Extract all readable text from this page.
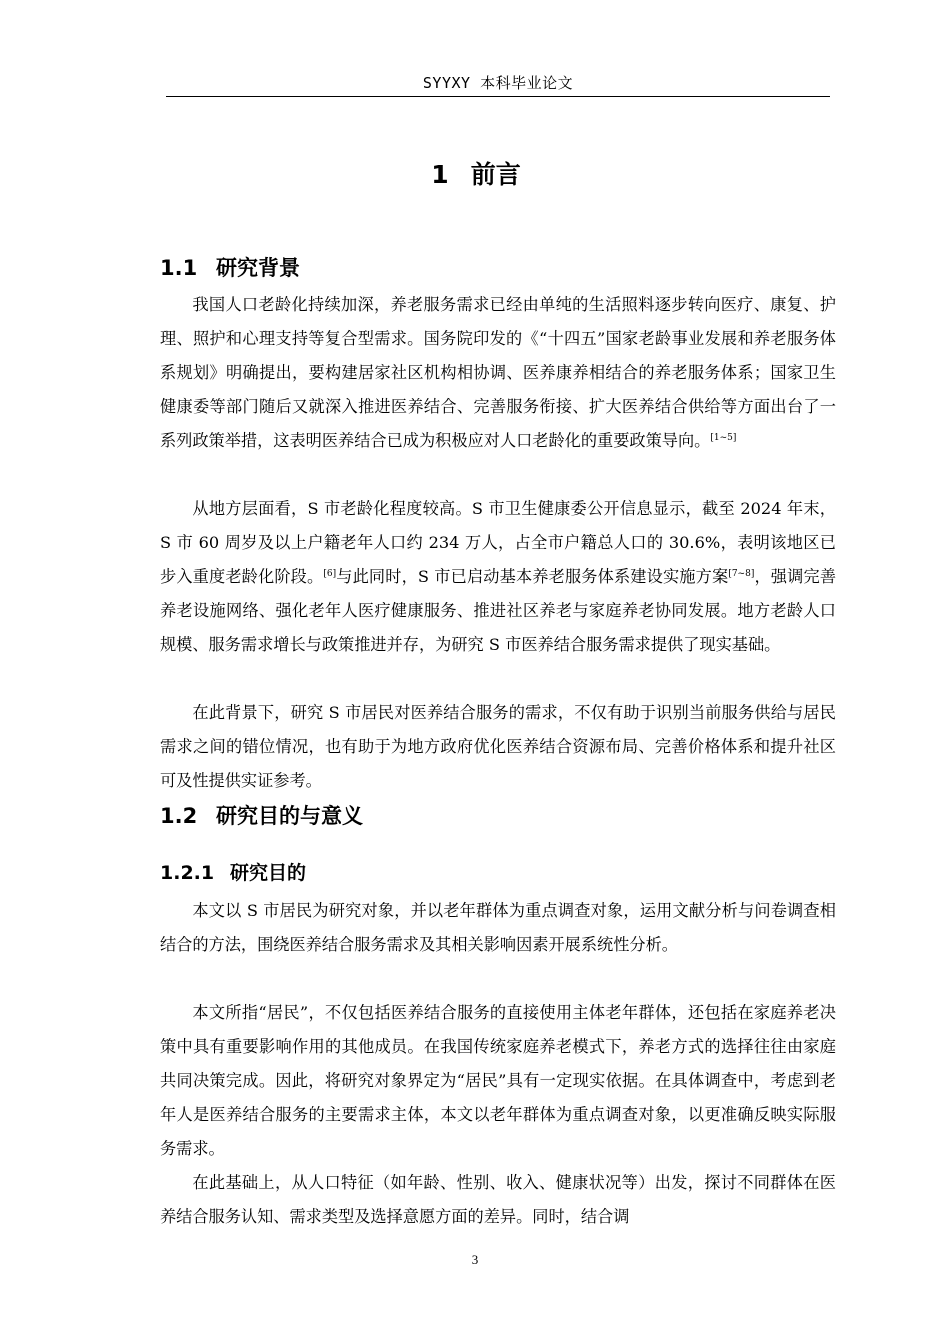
SYYXY 本科毕业论文
1 前言
1.1 研究背景

我国人口老龄化持续加深，养老服务需求已经由单纯的生活照料逐步转向医疗、康复、护理、照护和心理支持等复合型需求。国务院印发的《“十四五”国家老龄事业发展和养老服务体系规划》明确提出，要构建居家社区机构相协调、医养康养相结合的养老服务体系；国家卫生健康委等部门随后又就深入推进医养结合、完善服务衔接、扩大医养结合供给等方面出台了一系列政策举措，这表明医养结合已成为积极应对人口老龄化的重要政策导向。[1~5]

从地方层面看，S 市老龄化程度较高。S 市卫生健康委公开信息显示，截至 2024 年末，S 市 60 周岁及以上户籍老年人口约 234 万人，占全市户籍总人口的 30.6%，表明该地区已步入重度老龄化阶段。[6]与此同时，S 市已启动基本养老服务体系建设实施方案[7~8]，强调完善养老设施网络、强化老年人医疗健康服务、推进社区养老与家庭养老协同发展。地方老龄人口规模、服务需求增长与政策推进并存，为研究 S 市医养结合服务需求提供了现实基础。

在此背景下，研究 S 市居民对医养结合服务的需求，不仅有助于识别当前服务供给与居民需求之间的错位情况，也有助于为地方政府优化医养结合资源布局、完善价格体系和提升社区可及性提供实证参考。

1.2 研究目的与意义
1.2.1 研究目的

本文以 S 市居民为研究对象，并以老年群体为重点调查对象，运用文献分析与问卷调查相结合的方法，围绕医养结合服务需求及其相关影响因素开展系统性分析。

本文所指“居民”，不仅包括医养结合服务的直接使用主体老年群体，还包括在家庭养老决策中具有重要影响作用的其他成员。在我国传统家庭养老模式下，养老方式的选择往往由家庭共同决策完成。因此，将研究对象界定为“居民”具有一定现实依据。在具体调查中，考虑到老年人是医养结合服务的主要需求主体，本文以老年群体为重点调查对象，以更准确反映实际服务需求。

在此基础上，从人口特征（如年龄、性别、收入、健康状况等）出发，探讨不同群体在医养结合服务认知、需求类型及选择意愿方面的差异。同时，结合调

3
